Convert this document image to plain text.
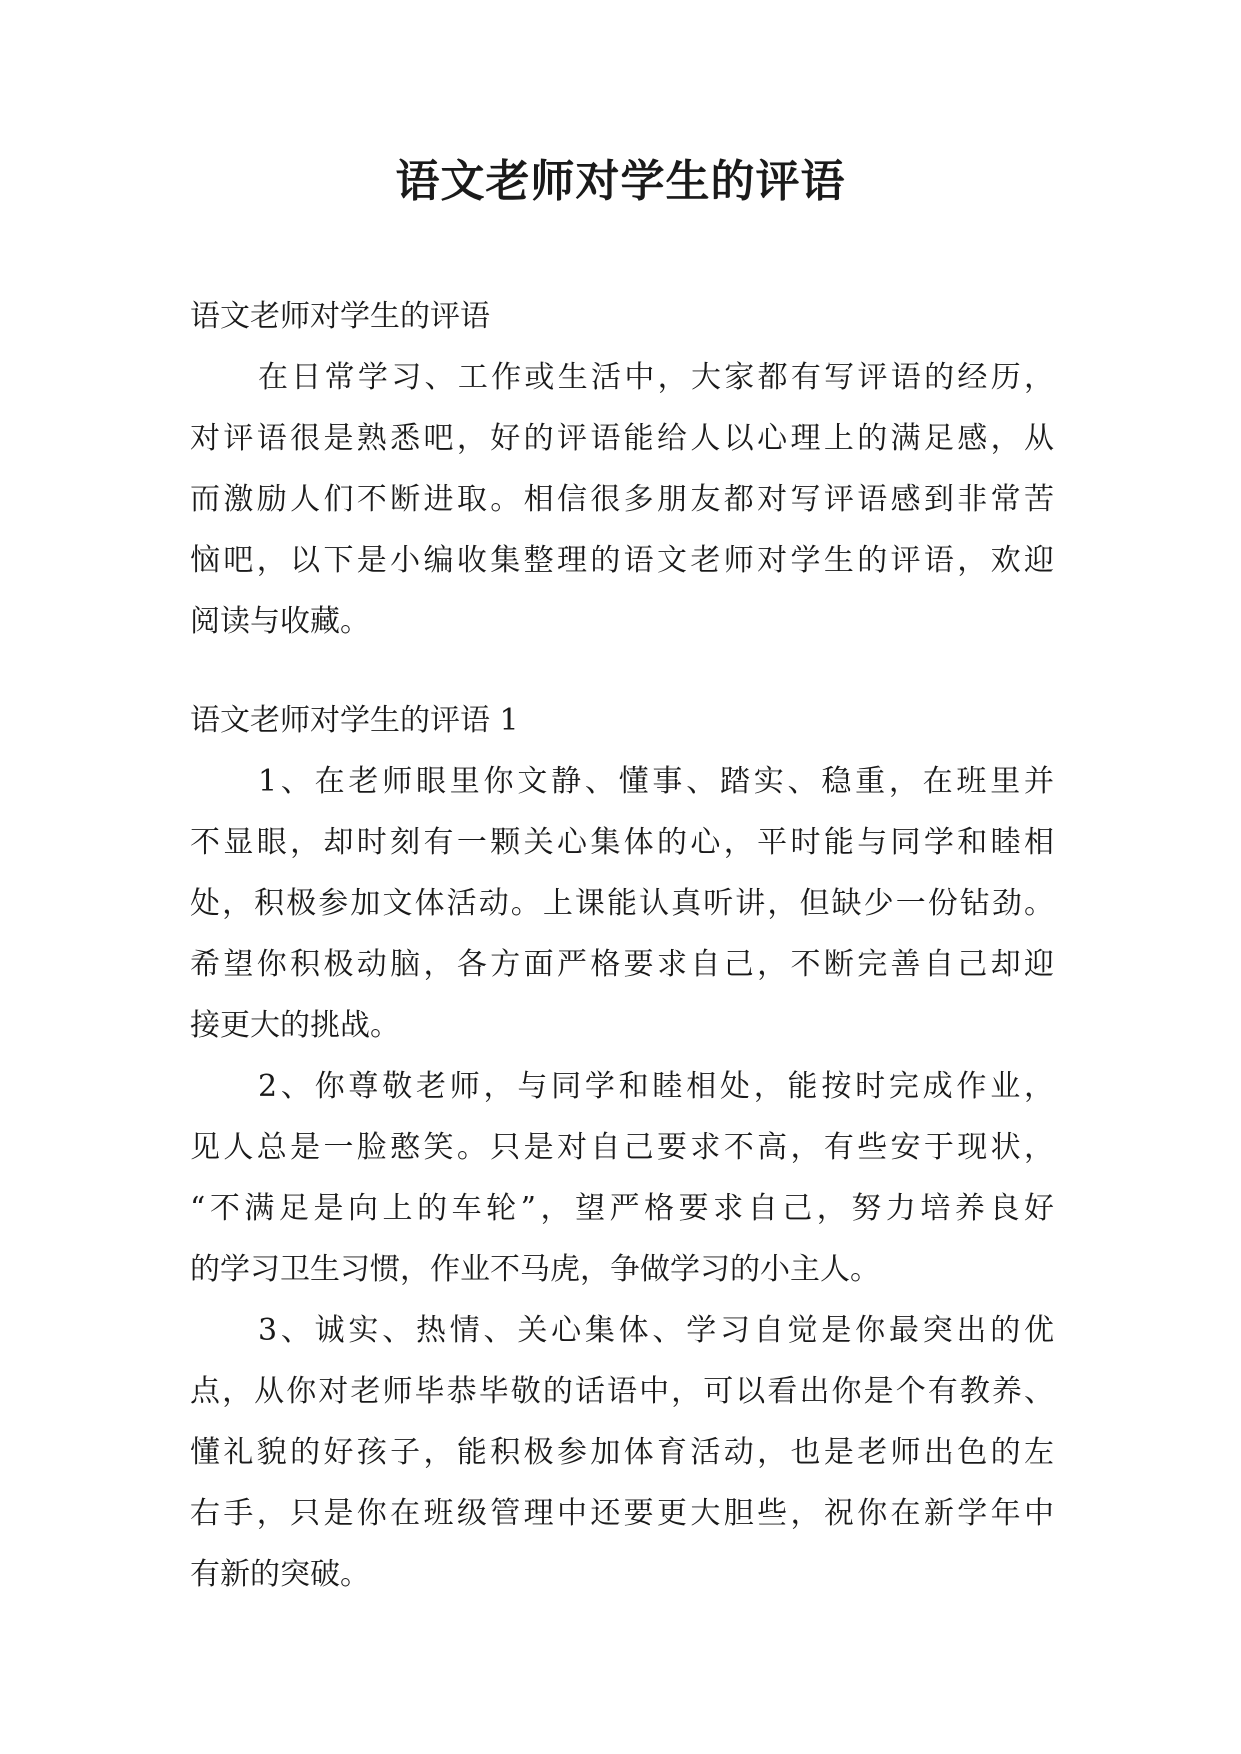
语文老师对学生的评语

语文老师对学生的评语

在日常学习、工作或生活中，大家都有写评语的经历，

对评语很是熟悉吧，好的评语能给人以心理上的满足感，从

而激励人们不断进取。相信很多朋友都对写评语感到非常苦

恼吧，以下是小编收集整理的语文老师对学生的评语，欢迎

阅读与收藏。

语文老师对学生的评语 1

1、在老师眼里你文静、懂事、踏实、稳重，在班里并

不显眼，却时刻有一颗关心集体的心，平时能与同学和睦相

处，积极参加文体活动。上课能认真听讲，但缺少一份钻劲。

希望你积极动脑，各方面严格要求自己，不断完善自己却迎

接更大的挑战。

2、你尊敬老师，与同学和睦相处，能按时完成作业，

见人总是一脸憨笑。只是对自己要求不高，有些安于现状，

“不满足是向上的车轮”，望严格要求自己，努力培养良好

的学习卫生习惯，作业不马虎，争做学习的小主人。

3、诚实、热情、关心集体、学习自觉是你最突出的优

点，从你对老师毕恭毕敬的话语中，可以看出你是个有教养、

懂礼貌的好孩子，能积极参加体育活动，也是老师出色的左

右手，只是你在班级管理中还要更大胆些，祝你在新学年中

有新的突破。
